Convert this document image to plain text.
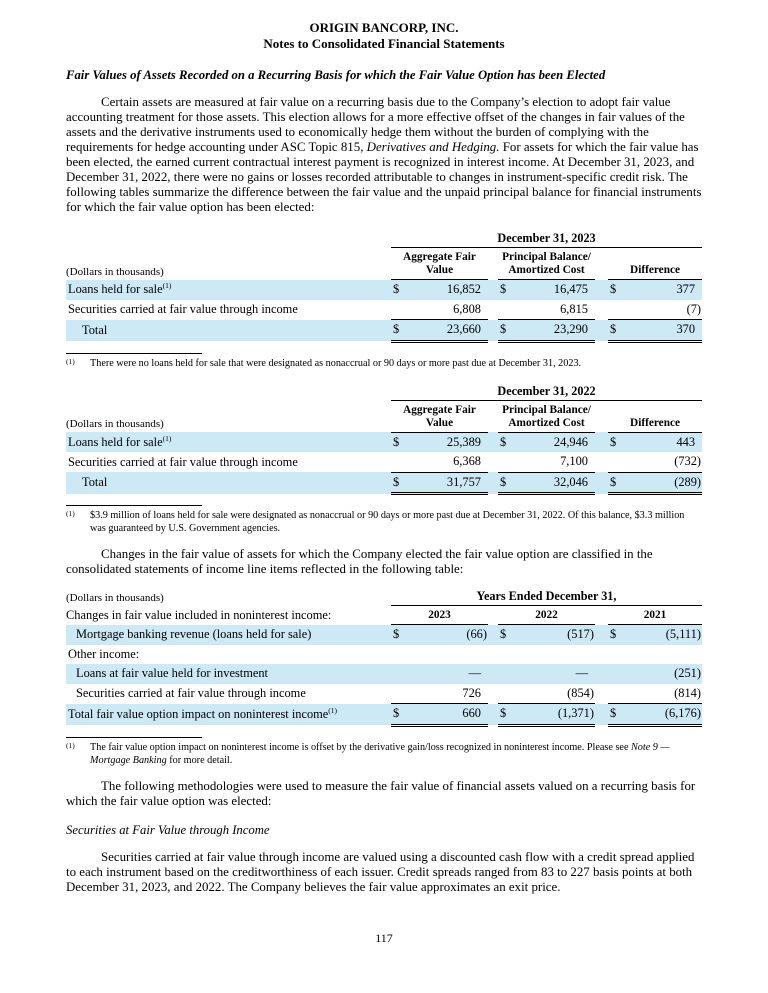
ORIGIN BANCORP, INC.
Notes to Consolidated Financial Statements
Fair Values of Assets Recorded on a Recurring Basis for which the Fair Value Option has been Elected
Certain assets are measured at fair value on a recurring basis due to the Company’s election to adopt fair value accounting treatment for those assets. This election allows for a more effective offset of the changes in fair values of the assets and the derivative instruments used to economically hedge them without the burden of complying with the requirements for hedge accounting under ASC Topic 815, Derivatives and Hedging. For assets for which the fair value has been elected, the earned current contractual interest payment is recognized in interest income. At December 31, 2023, and December 31, 2022, there were no gains or losses recorded attributable to changes in instrument-specific credit risk. The following tables summarize the difference between the fair value and the unpaid principal balance for financial instruments for which the fair value option has been elected:
	December 31, 2023				
(Dollars in thousands)	Aggregate Fair Value		Principal Balance/ Amortized Cost		Difference
Loans held for sale$^{(1)}$	$ 16,852		$ 16,475		$ 377

Securities carried at fair value through income	6,808		6,815		(7)

Total	$ 23,660		$ 23,290		$ 370
(1)	There were no loans held for sale that were designated as nonaccrual or 90 days or more past due at December 31, 2023.
	December 31, 2022				
(Dollars in thousands)	Aggregate Fair Value		Principal Balance/ Amortized Cost		Difference
Loans held for sale$^{(1)}$	$ 25,389		$ 24,946		$ 443

Securities carried at fair value through income	6,368		7,100		(732)

Total	$ 31,757		$ 32,046		$ (289)
(1)	$3.9 million of loans held for sale were designated as nonaccrual or 90 days or more past due at December 31, 2022. Of this balance, $3.3 million was guaranteed by U.S. Government agencies.
Changes in the fair value of assets for which the Company elected the fair value option are classified in the consolidated statements of income line items reflected in the following table:
(Dollars in thousands)	Years Ended December 31,				
Changes in fair value included in noninterest income:	2023		2022		2021
Mortgage banking revenue (loans held for sale)	$ (66)		$ (517)		$ (5,111)

Other income:					
Loans at fair value held for investment	—		—		(251)

Securities carried at fair value through income	726		(854)		(814)

Total fair value option impact on noninterest income$^{(1)}$	$ 660		$ (1,371)		$ (6,176)
(1)	The fair value option impact on noninterest income is offset by the derivative gain/loss recognized in noninterest income. Please see Note 9 — Mortgage Banking for more detail.
The following methodologies were used to measure the fair value of financial assets valued on a recurring basis for which the fair value option was elected:
Securities at Fair Value through Income
Securities carried at fair value through income are valued using a discounted cash flow with a credit spread applied to each instrument based on the creditworthiness of each issuer. Credit spreads ranged from 83 to 227 basis points at both December 31, 2023, and 2022. The Company believes the fair value approximates an exit price.
117
